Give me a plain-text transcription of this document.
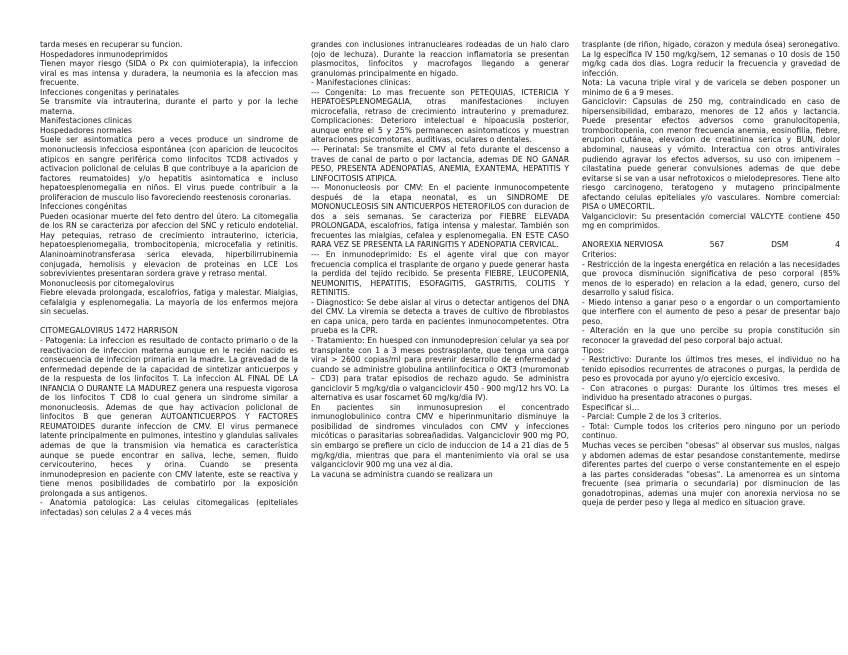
tarda meses en recuperar su funcion.

Hospedadores inmunodeprimidos

Tienen mayor riesgo (SIDA o Px con quimioterapia), la infeccion viral es mas intensa y duradera, la neumonia es la afeccion mas frecuente.

Infecciones congenitas y perinatales

Se transmite via intrauterina, durante el parto y por la leche materna.

Manifestaciones clinicas

Hospedadores normales

Suele ser asintomatica pero a veces produce un sindrome de mononucleosis infecciosa espontánea (con aparicion de leucocitos atipicos en sangre periférica como linfocitos TCD8 activados y activacion policlonal de celulas B que contribuye a la aparicion de factores reumatoides) y/o hepatitis asintomatica e incluso hepatoesplenomegalia en niños. El virus puede contribuir a la proliferacion de musculo liso favoreciendo reestenosis coronarias.

Infecciones congénitas

Pueden ocasionar muerte del feto dentro del útero. La citomegalia de los RN se caracteriza por afeccion del SNC y reticulo endotelial. Hay petequias, retraso de crecimiento intrauterino, ictericia, hepatoesplenomegalia, trombocitopenia, microcefalia y retinitis. Alaninoaminotransferasa serica elevada, hiperbilirrubinemia conjugada, hemolisis y elevacion de proteinas en LCE Los sobrevivientes presentaran sordera grave y retraso mental.

Mononucleosis por citomegalovirus

Fiebre elevada prolongada, escalofrios, fatiga y malestar. Mialgias, cefalalgia y esplenomegalia. La mayoria de los enfermos mejora sin secuelas.

CITOMEGALOVIRUS 1472 HARRISON

- Patogenia: La infeccion es resultado de contacto primario o de la reactivacion de infeccion materna aunque en le recién nacido es consecuencia de infeccion primaria en la madre. La gravedad de la enfermedad depende de la capacidad de sintetizar anticuerpos y de la respuesta de los linfocitos T. La infeccion AL FINAL DE LA INFANCIA O DURANTE LA MADUREZ genera una respuesta vigorosa de los linfocitos T CD8 lo cual genera un sindrome similar a mononucleosis. Ademas de que hay activacion policlonal de linfocitos B que generan AUTOANTICUERPOS Y FACTORES REUMATOIDES durante infeccion de CMV. El virus permanece latente principalmente en pulmones, intestino y glandulas salivales ademas de que la transmision via hematica es característica aunque se puede encontrar en saliva, leche, semen, fluido cervicouterino, heces y orina. Cuando se presenta inmunodepresion en paciente con CMV latente, este se reactiva y tiene menos posibilidades de combatirlo por la exposición prolongada a sus antigenos.

- Anatomia patologica: Las celulas citomegalicas (epiteliales infectadas) son celulas 2 a 4 veces más

grandes con inclusiones intranucleares rodeadas de un halo claro (ojo de lechuza). Durante la reaccion inflamatoria se presentan plasmocitos, linfocitos y macrofagos llegando a generar granulomas principalmente en higado.

- Manifestaciones clinicas:

--- Congenita: Lo mas frecuente son PETEQUIAS, ICTERICIA Y HEPATOESPLENOMEGALIA, otras manifestaciones incluyen microcefalia, retraso de crecimiento intrauterino y premadurez. Complicaciones: Deterioro intelectual e hipoacusia posterior, aunque entre el 5 y 25% permanecen asintomaticos y muestran alteraciones psicomotoras, auditivas, oculares o dentales.

--- Perinatal: Se transmite el CMV al feto durante el descenso a traves de canal de parto o por lactancia, ademas DE NO GANAR PESO, PRESENTA ADENOPATIAS, ANEMIA, EXANTEMA, HEPATITIS Y LINFOCITOSIS ATIPICA.

--- Mononucleosis por CMV: En el paciente inmunocompetente después de la etapa neonatal, es un SINDROME DE MONONUCLEOSIS SIN ANTICUERPOS HETEROFILOS con duracion de dos a seis semanas. Se caracteriza por FIEBRE ELEVADA PROLONGADA, escalofrios, fatiga intensa y malestar. También son frecuentes las mialgias, cefalea y esplenomegalia. EN ESTE CASO RARA VEZ SE PRESENTA LA FARINGITIS Y ADENOPATIA CERVICAL.

--- En inmunodeprimido: Es el agente viral que con mayor frecuencia complica el trasplante de organo y puede generar hasta la perdida del tejido recibido. Se presenta FIEBRE, LEUCOPENIA, NEUMONITIS, HEPATITIS, ESOFAGITIS, GASTRITIS, COLITIS Y RETINITIS.

- Diagnostico: Se debe aislar al virus o detectar antigenos del DNA del CMV. La viremia se detecta a traves de cultivo de fibroblastos en capa unica, pero tarda en pacientes inmunocompetentes. Otra prueba es la CPR.

- Tratamiento: En huesped con inmunodepresion celular ya sea por transplante con 1 a 3 meses postrasplante, que tenga una carga viral > 2600 copias/ml para prevenir desarrollo de enfermedad y cuando se administre globulina antilinfocitica o OKT3 (muromonab – CD3) para tratar episodios de rechazo agudo. Se administra ganciclovir 5 mg/kg/dia o valganciclovir 450 - 900 mg/12 hrs VO. La alternativa es usar foscarnet 60 mg/kg/dia IV).

En pacientes sin inmunosupresion el concentrado inmunoglobulinico contra CMV e hiperinmunitario disminuye la posibilidad de sindromes vinculados con CMV y infecciones micóticas o parasitarias sobreañadidas. Valganciclovir 900 mg PO, sin embargo se prefiere un ciclo de induccion de 14 a 21 dias de 5 mg/kg/dia, mientras que para el mantenimiento via oral se usa valganciclovir 900 mg una vez al dia.

La vacuna se administra cuando se realizara un

trasplante (de riñon, higado, corazon y medula ósea) seronegativo. La Ig específica IV 150 mg/kg/sem, 12 semanas o 10 dosis de 150 mg/kg cada dos dias. Logra reducir la frecuencia y gravedad de infección.

Nota: La vacuna triple viral y de varicela se deben posponer un minimo de 6 a 9 meses.

Ganciclovir: Capsulas de 250 mg, contraindicado en caso de hipersensibilidad, embarazo, menores de 12 años y lactancia. Puede presentar efectos adversos como granulocitopenia, trombocitopenia, con menor frecuencia anemia, eosinofilia, fiebre, erupcion cutánea, elevacion de creatinina serica y BUN, dolor abdominal, nauseas y vómito. Interactua con otros antivirales pudiendo agravar los efectos adversos, su uso con imipenem – cilastatina puede generar convulsiones ademas de que debe evitarse si se van a usar nefrotoxicos o mielodepresores. Tiene alto riesgo carcinogeno, teratogeno y mutageno principalmente afectando celulas epiteliales y/o vasculares. Nombre comercial: PISA o UMECORTIL.

Valganciclovir: Su presentación comercial VALCYTE contiene 450 mg en comprimidos.

ANOREXIA NERVIOSA	567	DSM	4

Criterios:

- Restricción de la ingesta energética en relación a las necesidades que provoca disminución significativa de peso corporal (85% menos de lo esperado) en relacion a la edad, genero, curso del desarrollo y salud física.

- Miedo intenso a ganar peso o a engordar o un comportamiento que interfiere con el aumento de peso a pesar de presentar bajo peso.

- Alteración en la que uno percibe su propia constitución sin reconocer la gravedad del peso corporal bajo actual.

Tipos:

- Restrictivo: Durante los últimos tres meses, el individuo no ha tenido episodios recurrentes de atracones o purgas, la perdida de peso es provocada por ayuno y/o ejercicio excesivo.

- Con atracones o purgas: Durante los últimos tres meses el individuo ha presentado atracones o purgas.

Especificar si…

- Parcial: Cumple 2 de los 3 criterios.

- Total: Cumple todos los criterios pero ninguno por un periodo continuo.

Muchas veces se perciben "obesas" al observar sus muslos, nalgas y abdomen ademas de estar pesandose constantemente, medirse diferentes partes del cuerpo o verse constantemente en el espejo a las partes consideradas "obesas". La amenorrea es un sintoma frecuente (sea primaria o secundaria) por disminucion de las gonadotropinas, ademas una mujer con anorexia nerviosa no se queja de perder peso y llega al medico en situacion grave.
